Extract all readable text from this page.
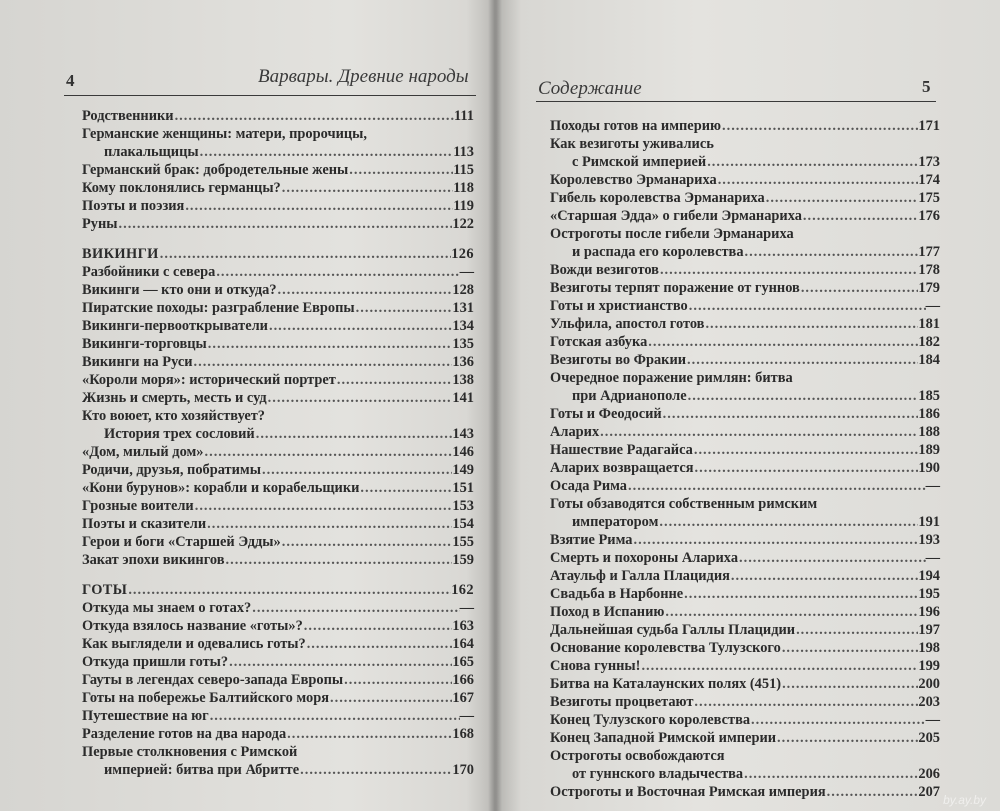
4	Варвары. Древние народы
Родственники .....	111
Германские женщины: матери, пророчицы,
плакальщицы .....	113
Германский брак: добродетельные жены .....	115
Кому поклонялись германцы? .....	118
Поэты и поэзия .....	119
Руны .....	122
ВИКИНГИ .....	126
Разбойники с севера .....	—
Викинги — кто они и откуда? .....	128
Пиратские походы: разграбление Европы .....	131
Викинги-первооткрыватели .....	134
Викинги-торговцы .....	135
Викинги на Руси .....	136
«Короли моря»: исторический портрет .....	138
Жизнь и смерть, месть и суд .....	141
Кто воюет, кто хозяйствует?
История трех сословий .....	143
«Дом, милый дом» .....	146
Родичи, друзья, побратимы .....	149
«Кони бурунов»: корабли и корабельщики .....	151
Грозные воители .....	153
Поэты и сказители .....	154
Герои и боги «Старшей Эдды» .....	155
Закат эпохи викингов .....	159
ГОТЫ .....	162
Откуда мы знаем о готах? .....	—
Откуда взялось название «готы»? .....	163
Как выглядели и одевались готы? .....	164
Откуда пришли готы? .....	165
Гауты в легендах северо-запада Европы .....	166
Готы на побережье Балтийского моря .....	167
Путешествие на юг .....	—
Разделение готов на два народа .....	168
Первые столкновения с Римской
империей: битва при Абритте .....	170
Содержание	5
Походы готов на империю .....	171
Как везиготы уживались
с Римской империей .....	173
Королевство Эрманариха .....	174
Гибель королевства Эрманариха .....	175
«Старшая Эдда» о гибели Эрманариха .....	176
Остроготы после гибели Эрманариха
и распада его королевства .....	177
Вожди везиготов .....	178
Везиготы терпят поражение от гуннов .....	179
Готы и христианство .....	—
Ульфила, апостол готов .....	181
Готская азбука .....	182
Везиготы во Фракии .....	184
Очередное поражение римлян: битва
при Адрианополе .....	185
Готы и Феодосий .....	186
Аларих .....	188
Нашествие Радагайса .....	189
Аларих возвращается .....	190
Осада Рима .....	—
Готы обзаводятся собственным римским
императором .....	191
Взятие Рима .....	193
Смерть и похороны Алариха .....	—
Атаульф и Галла Плацидия .....	194
Свадьба в Нарбонне .....	195
Поход в Испанию .....	196
Дальнейшая судьба Галлы Плацидии .....	197
Основание королевства Тулузского .....	198
Снова гунны! .....	199
Битва на Каталаунских полях (451) .....	200
Везиготы процветают .....	203
Конец Тулузского королевства .....	—
Конец Западной Римской империи .....	205
Остроготы освобождаются
от гуннского владычества .....	206
Остроготы и Восточная Римская империя .....	207 by.ay.by
